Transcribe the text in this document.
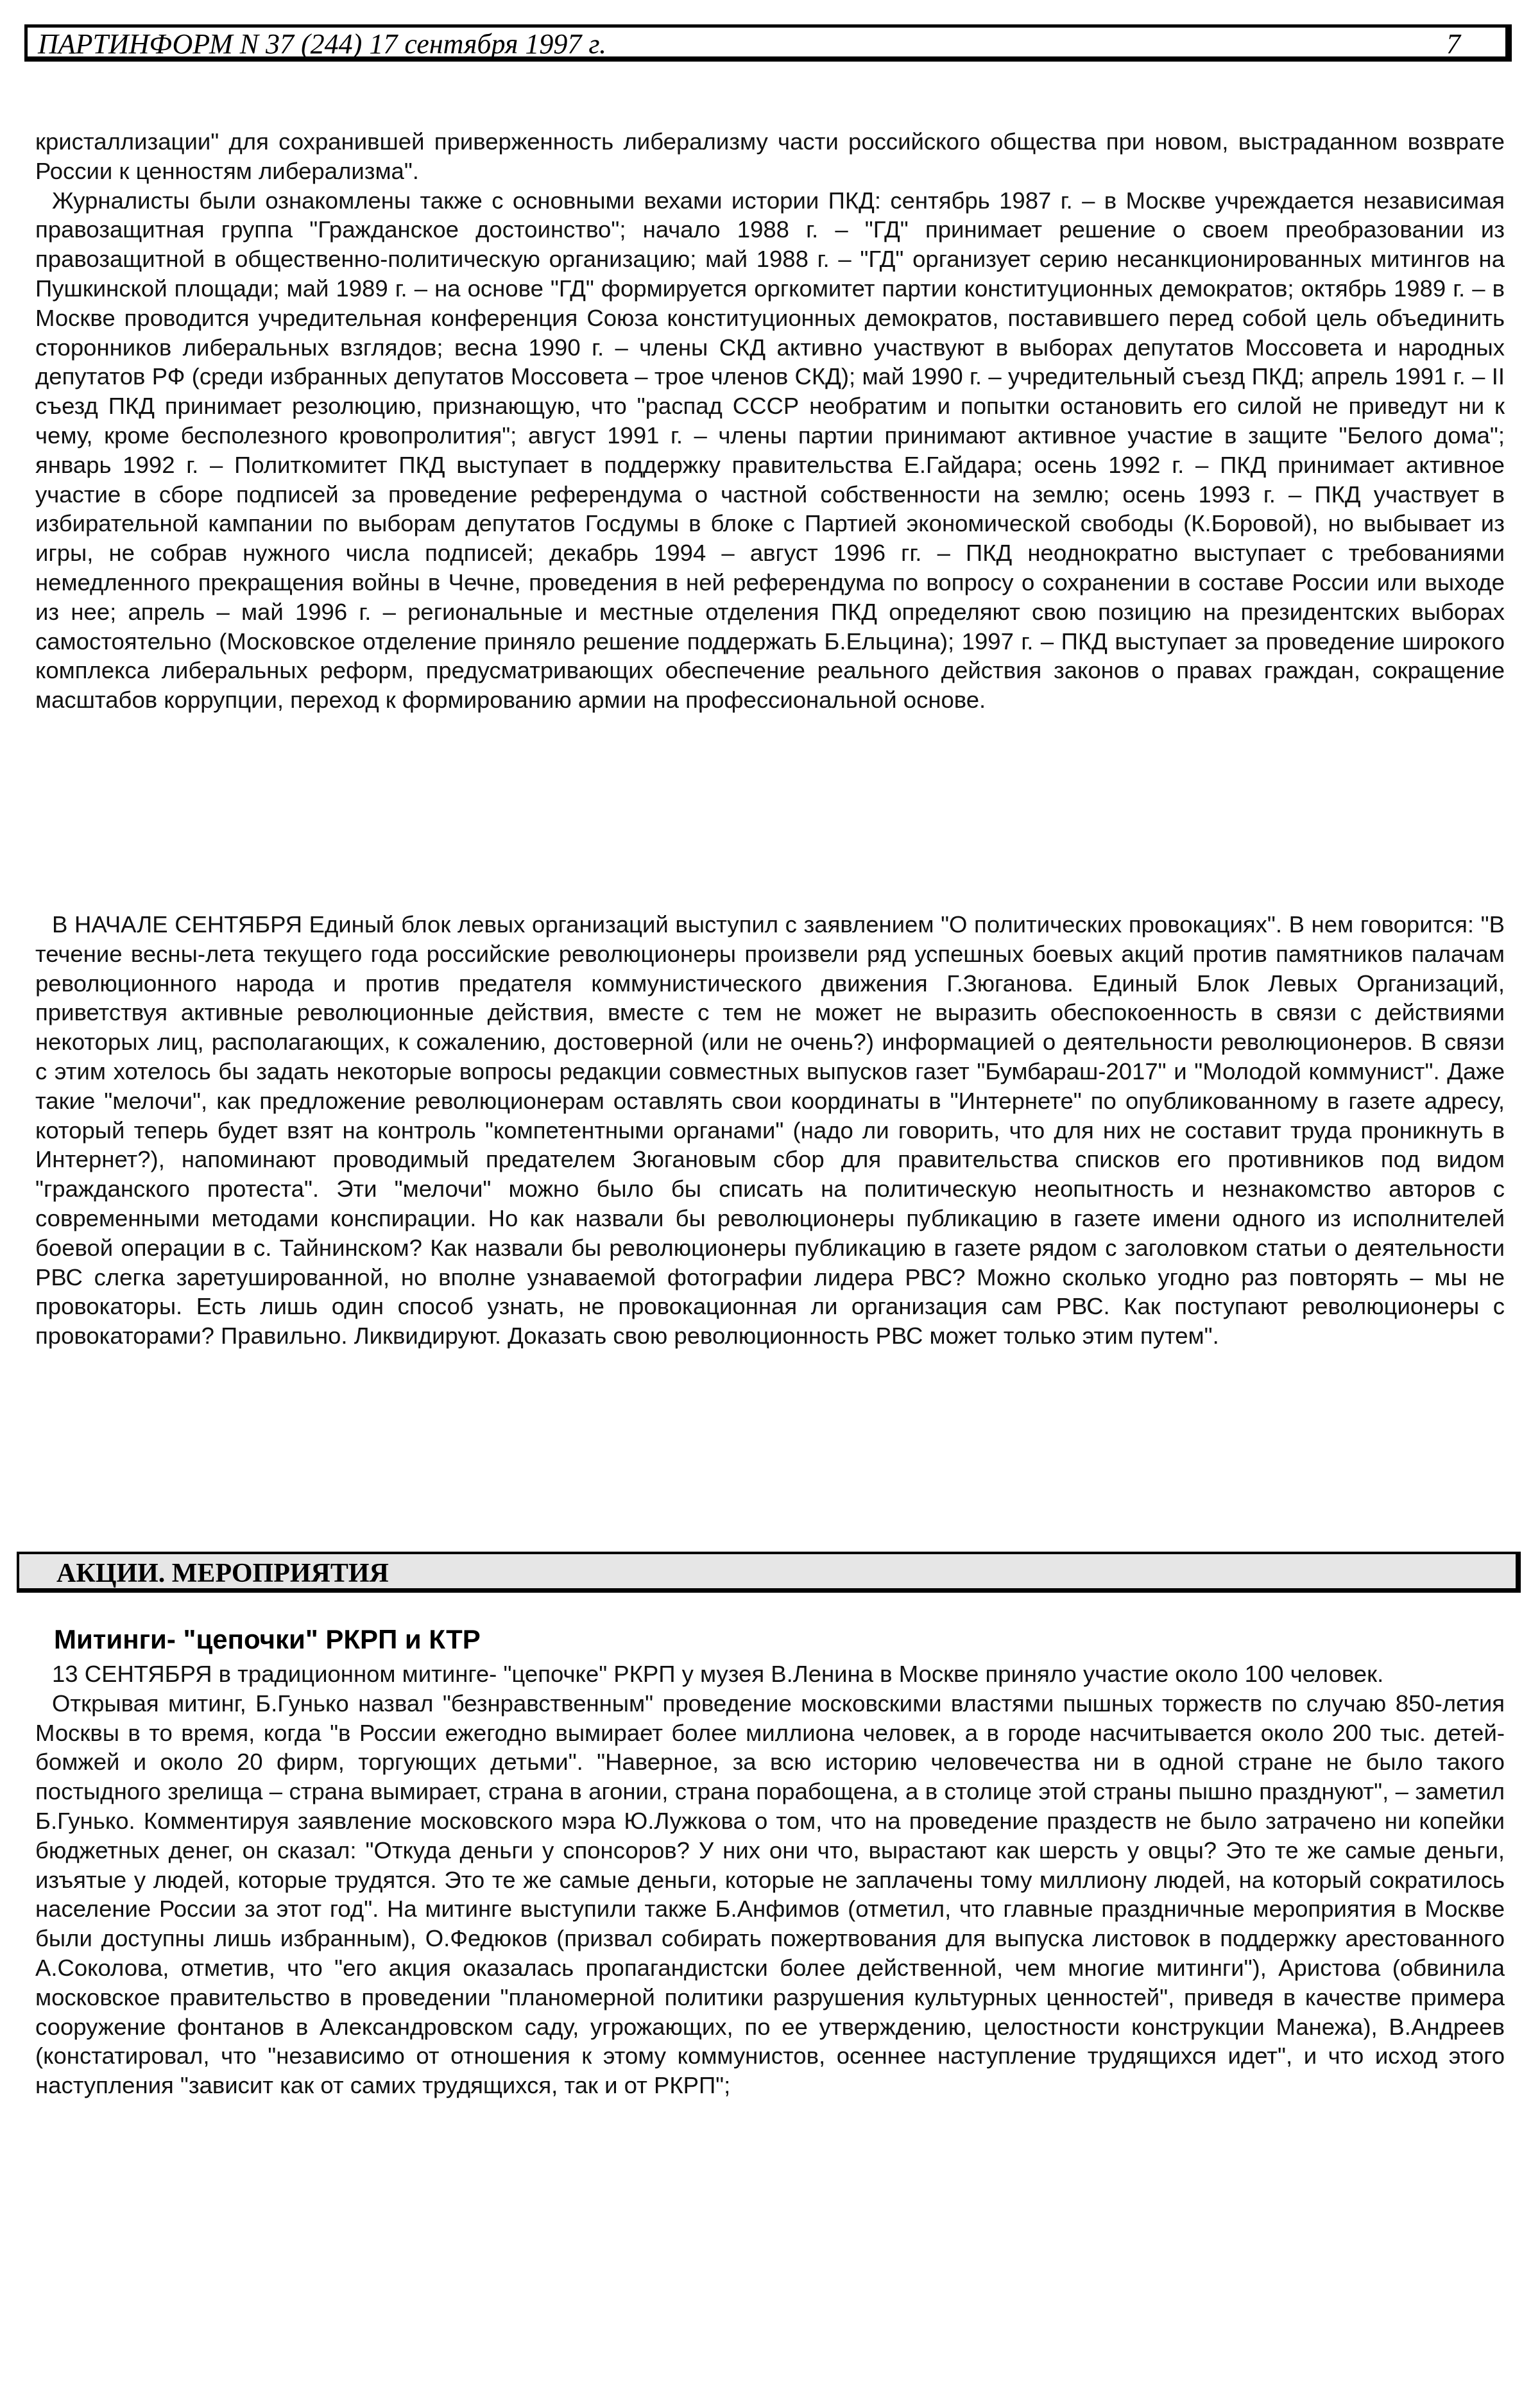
ПАРТИНФОРМ N 37 (244) 17 сентября 1997 г.	7

кристаллизации" для сохранившей приверженность либерализму части российского общества при новом, выстраданном возврате России к ценностям либерализма".

Журналисты были ознакомлены также с основными вехами истории ПКД: сентябрь 1987 г. – в Москве учреждается независимая правозащитная группа "Гражданское достоинство"; начало 1988 г. – "ГД" принимает решение о своем преобразовании из правозащитной в общественно-политическую организацию; май 1988 г. – "ГД" организует серию несанкционированных митингов на Пушкинской площади; май 1989 г. – на основе "ГД" формируется оргкомитет партии конституционных демократов; октябрь 1989 г. – в Москве проводится учредительная конференция Союза конституционных демократов, поставившего перед собой цель объединить сторонников либеральных взглядов; весна 1990 г. – члены СКД активно участвуют в выборах депутатов Моссовета и народных депутатов РФ (среди избранных депутатов Моссовета – трое членов СКД); май 1990 г. – учредительный съезд ПКД; апрель 1991 г. – II съезд ПКД принимает резолюцию, признающую, что "распад СССР необратим и попытки остановить его силой не приведут ни к чему, кроме бесполезного кровопролития"; август 1991 г. – члены партии принимают активное участие в защите "Белого дома"; январь 1992 г. – Политкомитет ПКД выступает в поддержку правительства Е.Гайдара; осень 1992 г. – ПКД принимает активное участие в сборе подписей за проведение референдума о частной собственности на землю; осень 1993 г. – ПКД участвует в избирательной кампании по выборам депутатов Госдумы в блоке с Партией экономической свободы (К.Боровой), но выбывает из игры, не собрав нужного числа подписей; декабрь 1994 – август 1996 гг. – ПКД неоднократно выступает с требованиями немедленного прекращения войны в Чечне, проведения в ней референдума по вопросу о сохранении в составе России или выходе из нее; апрель – май 1996 г. – региональные и местные отделения ПКД определяют свою позицию на президентских выборах самостоятельно (Московское отделение приняло решение поддержать Б.Ельцина); 1997 г. – ПКД выступает за проведение широкого комплекса либеральных реформ, предусматривающих обеспечение реального действия законов о правах граждан, сокращение масштабов коррупции, переход к формированию армии на профессиональной основе.

В НАЧАЛЕ СЕНТЯБРЯ Единый блок левых организаций выступил с заявлением "О политических провокациях". В нем говорится: "В течение весны-лета текущего года российские революционеры произвели ряд успешных боевых акций против памятников палачам революционного народа и против предателя коммунистического движения Г.Зюганова. Единый Блок Левых Организаций, приветствуя активные революционные действия, вместе с тем не может не выразить обеспокоенность в связи с действиями некоторых лиц, располагающих, к сожалению, достоверной (или не очень?) информацией о деятельности революционеров. В связи с этим хотелось бы задать некоторые вопросы редакции совместных выпусков газет "Бумбараш-2017" и "Молодой коммунист". Даже такие "мелочи", как предложение революционерам оставлять свои координаты в "Интернете" по опубликованному в газете адресу, который теперь будет взят на контроль "компетентными органами" (надо ли говорить, что для них не составит труда проникнуть в Интернет?), напоминают проводимый предателем Зюгановым сбор для правительства списков его противников под видом "гражданского протеста". Эти "мелочи" можно было бы списать на политическую неопытность и незнакомство авторов с современными методами конспирации. Но как назвали бы революционеры публикацию в газете имени одного из исполнителей боевой операции в с. Тайнинском? Как назвали бы революционеры публикацию в газете рядом с заголовком статьи о деятельности РВС слегка заретушированной, но вполне узнаваемой фотографии лидера РВС? Можно сколько угодно раз повторять – мы не провокаторы. Есть лишь один способ узнать, не провокационная ли организация сам РВС. Как поступают революционеры с провокаторами? Правильно. Ликвидируют. Доказать свою революционность РВС может только этим путем".

АКЦИИ. МЕРОПРИЯТИЯ
Митинги- "цепочки" РКРП и КТР

13 СЕНТЯБРЯ в традиционном митинге- "цепочке" РКРП у музея В.Ленина в Москве приняло участие около 100 человек.

Открывая митинг, Б.Гунько назвал "безнравственным" проведение московскими властями пышных торжеств по случаю 850-летия Москвы в то время, когда "в России ежегодно вымирает более миллиона человек, а в городе насчитывается около 200 тыс. детей-бомжей и около 20 фирм, торгующих детьми". "Наверное, за всю историю человечества ни в одной стране не было такого постыдного зрелища – страна вымирает, страна в агонии, страна порабощена, а в столице этой страны пышно празднуют", – заметил Б.Гунько. Комментируя заявление московского мэра Ю.Лужкова о том, что на проведение праздеств не было затрачено ни копейки бюджетных денег, он сказал: "Откуда деньги у спонсоров? У них они что, вырастают как шерсть у овцы? Это те же самые деньги, изъятые у людей, которые трудятся. Это те же самые деньги, которые не заплачены тому миллиону людей, на который сократилось население России за этот год". На митинге выступили также Б.Анфимов (отметил, что главные праздничные мероприятия в Москве были доступны лишь избранным), О.Федюков (призвал собирать пожертвования для выпуска листовок в поддержку арестованного А.Соколова, отметив, что "его акция оказалась пропагандистски более действенной, чем многие митинги"), Аристова (обвинила московское правительство в проведении "планомерной политики разрушения культурных ценностей", приведя в качестве примера сооружение фонтанов в Александровском саду, угрожающих, по ее утверждению, целостности конструкции Манежа), В.Андреев (констатировал, что "независимо от отношения к этому коммунистов, осеннее наступление трудящихся идет", и что исход этого наступления "зависит как от самих трудящихся, так и от РКРП";
